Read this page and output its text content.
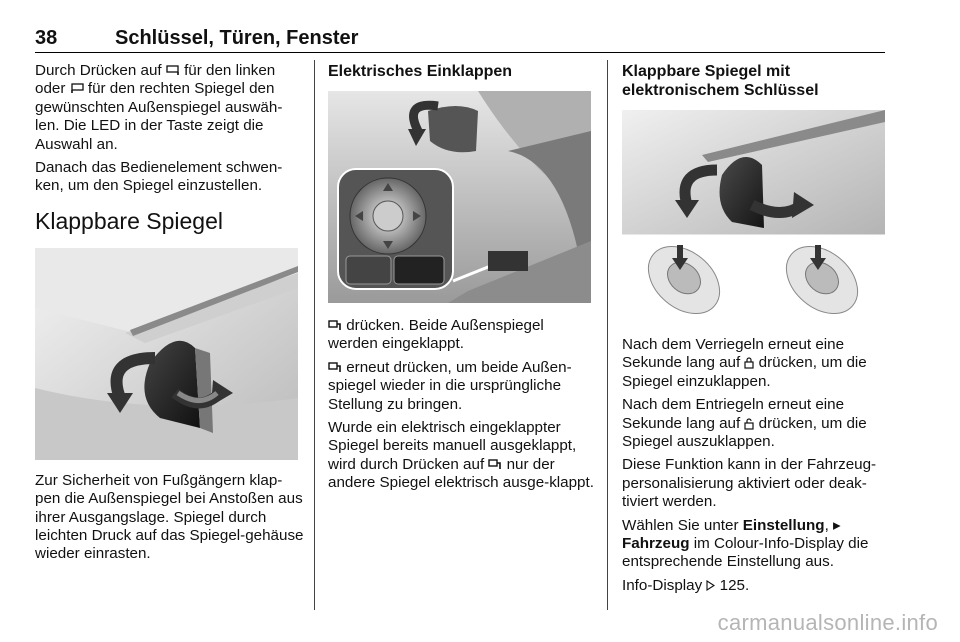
38	Schlüssel, Türen, Fenster

Durch Drücken auf
für den linken oder
für den rechten Spiegel den gewünschten Außenspiegel auswäh-len. Die LED in der Taste zeigt die Auswahl an.

Danach das Bedienelement schwen-ken, um den Spiegel einzustellen.

Klappbare Spiegel

Zur Sicherheit von Fußgängern klap-pen die Außenspiegel bei Anstoßen aus ihrer Ausgangslage. Spiegel durch leichten Druck auf das Spiegel-gehäuse wieder einrasten.

Elektrisches Einklappen

drücken. Beide Außenspiegel werden eingeklappt.

erneut drücken, um beide Außen-spiegel wieder in die ursprüngliche Stellung zu bringen.

Wurde ein elektrisch eingeklappter Spiegel bereits manuell ausgeklappt, wird durch Drücken auf
nur der andere Spiegel elektrisch ausge-klappt.

Klappbare Spiegel mit elektronischem Schlüssel

Nach dem Verriegeln erneut eine Sekunde lang auf
drücken, um die Spiegel einzuklappen.

Nach dem Entriegeln erneut eine Sekunde lang auf
drücken, um die Spiegel auszuklappen.

Diese Funktion kann in der Fahrzeug-personalisierung aktiviert oder deak-tiviert werden.

Wählen Sie unter Einstellung, ▸
Fahrzeug im Colour-Info-Display die entsprechende Einstellung aus.

Info-Display
125.

carmanualsonline.info
